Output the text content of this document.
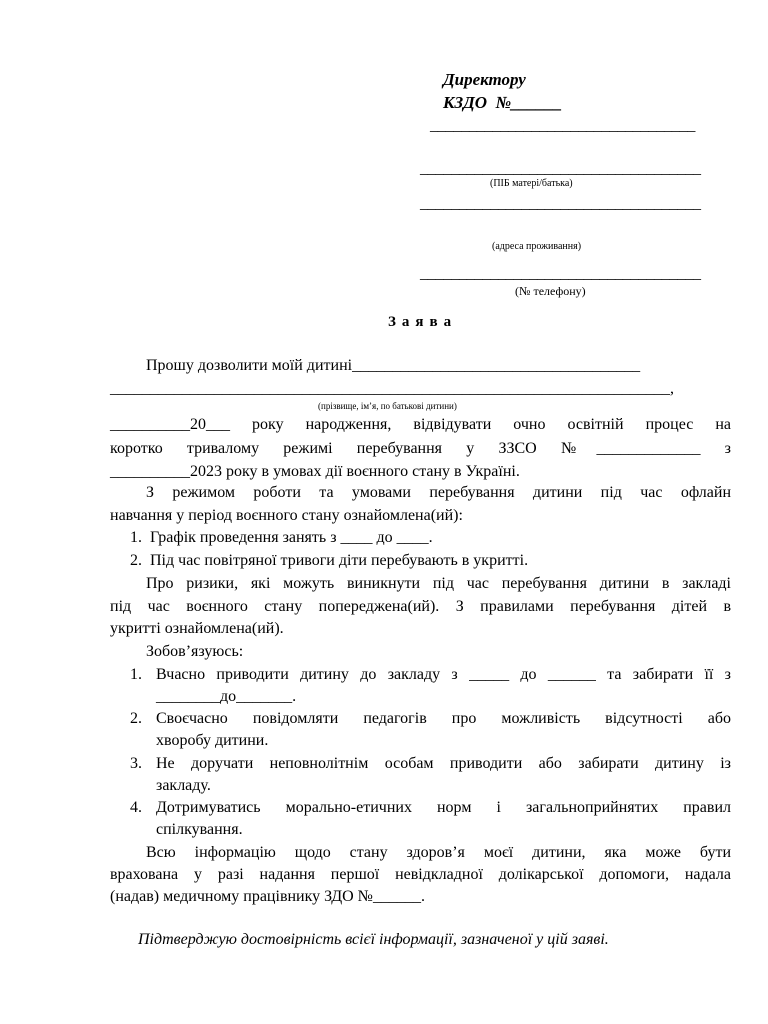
Директору
КЗДО  №______
__________________________________
____________________________________
(ПІБ матері/батька)
____________________________________
(адреса проживання)
____________________________________
(№ телефону)
Заява
Прошу дозволити моїй дитині____________________________________
______________________________________________________________________,
(прізвище, ім’я, по батькові дитини)
__________20___ року народження, відвідувати очно освітній процес на
коротко тривалому режимі перебування у ЗЗСО №_____________ з
__________2023 року в умовах дії воєнного стану в Україні.
З режимом роботи та умовами перебування дитини під час офлайн
навчання у період воєнного стану ознайомлена(ий):
1.  Графік проведення занять з ____ до ____.
2.  Під час повітряної тривоги діти перебувають в укритті.
Про ризики, які можуть виникнути під час перебування дитини в закладі
під час воєнного стану попереджена(ий). З правилами перебування дітей в
укритті ознайомлена(ий).
Зобов’язуюсь:
1. Вчасно приводити дитину до закладу з _____ до ______ та забирати її з
________до_______.
2. Своєчасно повідомляти педагогів про можливість відсутності або
хворобу дитини.
3. Не доручати неповнолітнім особам приводити або забирати дитину із
закладу.
4. Дотримуватись морально-етичних норм і загальноприйнятих правил
спілкування.
Всю інформацію щодо стану здоров’я моєї дитини, яка може бути
врахована у разі надання першої невідкладної долікарської допомоги, надала
(надав) медичному працівнику ЗДО №______.
Підтверджую достовірність всієї інформації, зазначеної у цій заяві.
